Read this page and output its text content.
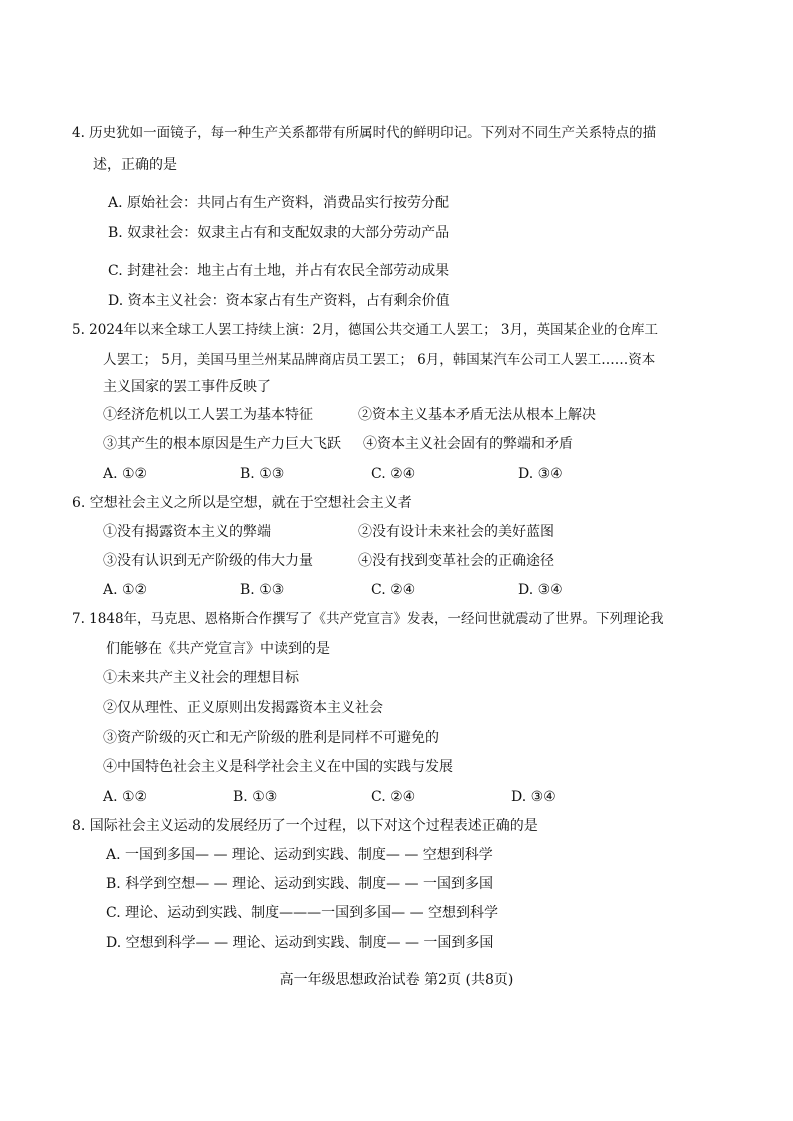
4. 历史犹如一面镜子，每一种生产关系都带有所属时代的鲜明印记。下列对不同生产关系特点的描
述，正确的是
A. 原始社会：共同占有生产资料，消费品实行按劳分配
B. 奴隶社会：奴隶主占有和支配奴隶的大部分劳动产品
C. 封建社会：地主占有土地，并占有农民全部劳动成果
D. 资本主义社会：资本家占有生产资料，占有剩余价值
5. 2024年以来全球工人罢工持续上演：2月，德国公共交通工人罢工； 3月，英国某企业的仓库工
人罢工； 5月，美国马里兰州某品牌商店员工罢工； 6月，韩国某汽车公司工人罢工……资本
主义国家的罢工事件反映了
①经济危机以工人罢工为基本特征	②资本主义基本矛盾无法从根本上解决
③其产生的根本原因是生产力巨大飞跃 ④资本主义社会固有的弊端和矛盾
A. ①②	B. ①③	C. ②④	D. ③④
6. 空想社会主义之所以是空想，就在于空想社会主义者
①没有揭露资本主义的弊端	②没有设计未来社会的美好蓝图
③没有认识到无产阶级的伟大力量	④没有找到变革社会的正确途径
A. ①②	B. ①③	C. ②④	D. ③④
7. 1848年，马克思、恩格斯合作撰写了《共产党宣言》发表，一经问世就震动了世界。下列理论我
们能够在《共产党宣言》中读到的是
①未来共产主义社会的理想目标
②仅从理性、正义原则出发揭露资本主义社会
③资产阶级的灭亡和无产阶级的胜利是同样不可避免的
④中国特色社会主义是科学社会主义在中国的实践与发展
A. ①②	B. ①③	C. ②④	D. ③④
8. 国际社会主义运动的发展经历了一个过程，以下对这个过程表述正确的是
A. 一国到多国— — 理论、运动到实践、制度— — 空想到科学
B. 科学到空想— — 理论、运动到实践、制度— — 一国到多国
C. 理论、运动到实践、制度———一国到多国— — 空想到科学
D. 空想到科学— — 理论、运动到实践、制度— — 一国到多国
高一年级思想政治试卷 第2页 (共8页)
